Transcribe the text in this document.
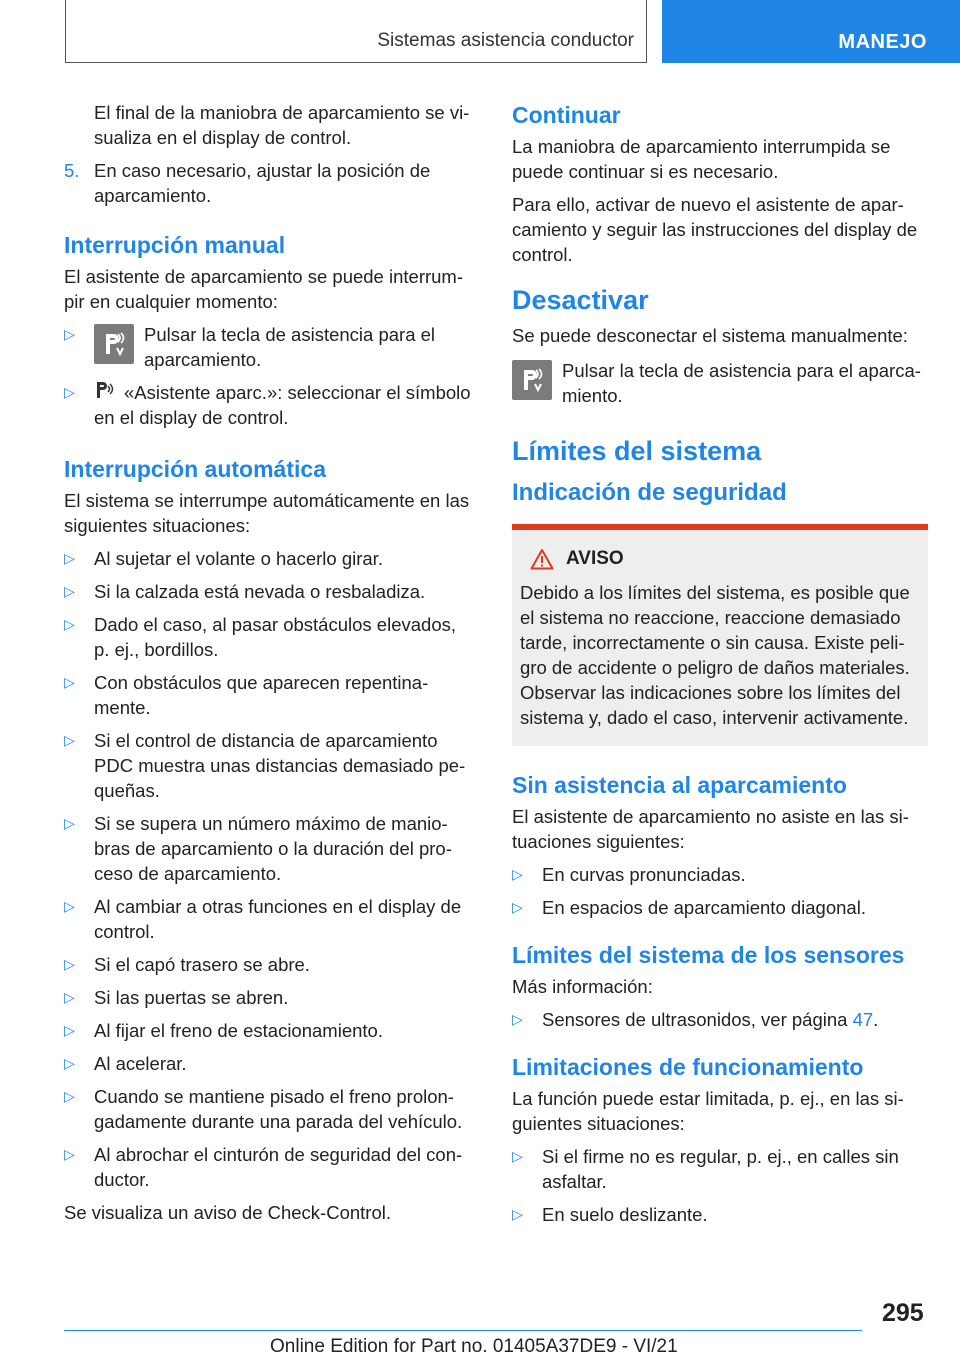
Sistemas asistencia conductor	MANEJO

El final de la maniobra de aparcamiento se vi-sualiza en el display de control.

5. En caso necesario, ajustar la posición de aparcamiento.
Interrupción manual

El asistente de aparcamiento se puede interrum-pir en cualquier momento:

▷	Pulsar la tecla de asistencia para el aparcamiento.
▷	«Asistente aparc.»: seleccionar el símbolo en el display de control.
Interrupción automática

El sistema se interrumpe automáticamente en las siguientes situaciones:

▷	Al sujetar el volante o hacerlo girar.
▷	Si la calzada está nevada o resbaladiza.
▷	Dado el caso, al pasar obstáculos elevados, p. ej., bordillos.
▷	Con obstáculos que aparecen repentina-mente.
▷	Si el control de distancia de aparcamiento PDC muestra unas distancias demasiado pe-queñas.
▷	Si se supera un número máximo de manio-bras de aparcamiento o la duración del pro-ceso de aparcamiento.
▷	Al cambiar a otras funciones en el display de control.
▷	Si el capó trasero se abre.
▷	Si las puertas se abren.
▷	Al fijar el freno de estacionamiento.
▷	Al acelerar.
▷	Cuando se mantiene pisado el freno prolon-gadamente durante una parada del vehículo.
▷	Al abrochar el cinturón de seguridad del con-ductor.

Se visualiza un aviso de Check-Control.

Continuar

La maniobra de aparcamiento interrumpida se puede continuar si es necesario.

Para ello, activar de nuevo el asistente de apar-camiento y seguir las instrucciones del display de control.

Desactivar

Se puede desconectar el sistema manualmente:

Pulsar la tecla de asistencia para el aparca-miento.
Límites del sistema
Indicación de seguridad
AVISO

Debido a los límites del sistema, es posible que el sistema no reaccione, reaccione demasiado tarde, incorrectamente o sin causa. Existe peli-gro de accidente o peligro de daños materiales. Observar las indicaciones sobre los límites del sistema y, dado el caso, intervenir activamente.

Sin asistencia al aparcamiento

El asistente de aparcamiento no asiste en las si-tuaciones siguientes:

▷	En curvas pronunciadas.
▷	En espacios de aparcamiento diagonal.
Límites del sistema de los sensores

Más información:

▷	Sensores de ultrasonidos, ver página 47.
Limitaciones de funcionamiento

La función puede estar limitada, p. ej., en las si-guientes situaciones:

▷	Si el firme no es regular, p. ej., en calles sin asfaltar.
▷	En suelo deslizante.
295
Online Edition for Part no. 01405A37DE9 - VI/21
